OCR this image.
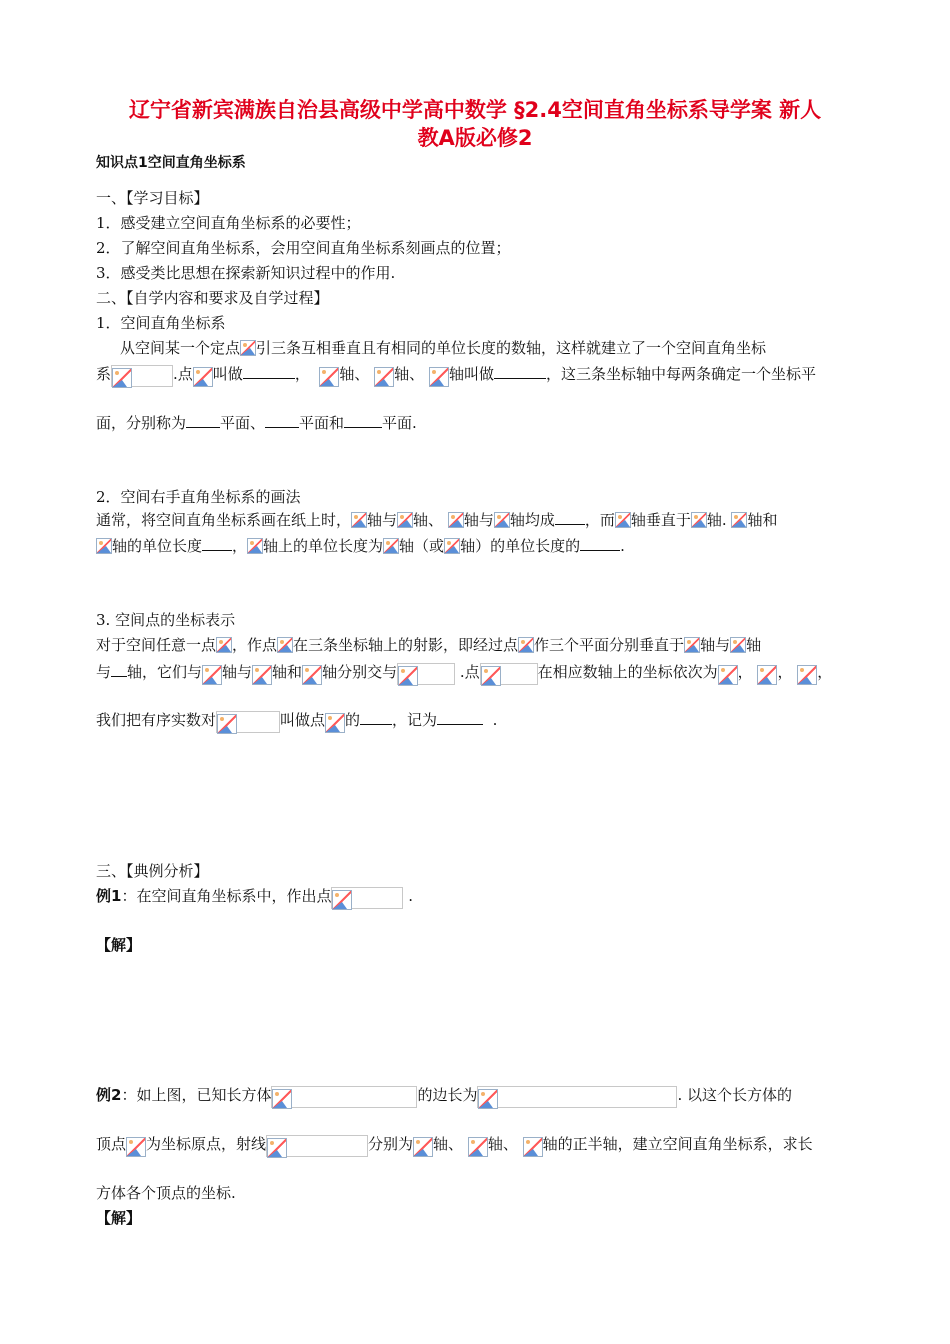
辽宁省新宾满族自治县高级中学高中数学 §2.4空间直角坐标系导学案 新人
教A版必修2
知识点1空间直角坐标系
一、【学习目标】
1．感受建立空间直角坐标系的必要性；
2．了解空间直角坐标系，会用空间直角坐标系刻画点的位置；
3．感受类比思想在探索新知识过程中的作用.
二、【自学内容和要求及自学过程】
1．空间直角坐标系
从空间某一个定点 引三条互相垂直且有相同的单位长度的数轴，这样就建立了一个空间直角坐标
系	.点 叫做	， 轴、 轴、 轴叫做	，这三条坐标轴中每两条确定一个坐标平
面，分别称为 平面、 平面和	平面.
2．空间右手直角坐标系的画法
通常，将空间直角坐标系画在纸上时， 轴与 轴、 轴与 轴均成 ，而 轴垂直于 轴. 轴和
轴的单位长度 ， 轴上的单位长度为 轴（或 轴）的单位长度的	.
3. 空间点的坐标表示
对于空间任意一点 ，作点 在三条坐标轴上的射影，即经过点 作三个平面分别垂直于 轴与 轴
与 轴，它们与 轴与 轴和 轴分别交与	.点	在相应数轴上的坐标依次为 ， ， ，
我们把有序实数对	叫做点 的 ，记为	.
三、【典例分析】
例1：在空间直角坐标系中，作出点	.
【解】
例2：如上图，已知长方体	的边长为	. 以这个长方体的
顶点 为坐标原点，射线	分别为 轴、 轴、 轴的正半轴，建立空间直角坐标系，求长
方体各个顶点的坐标.
【解】
